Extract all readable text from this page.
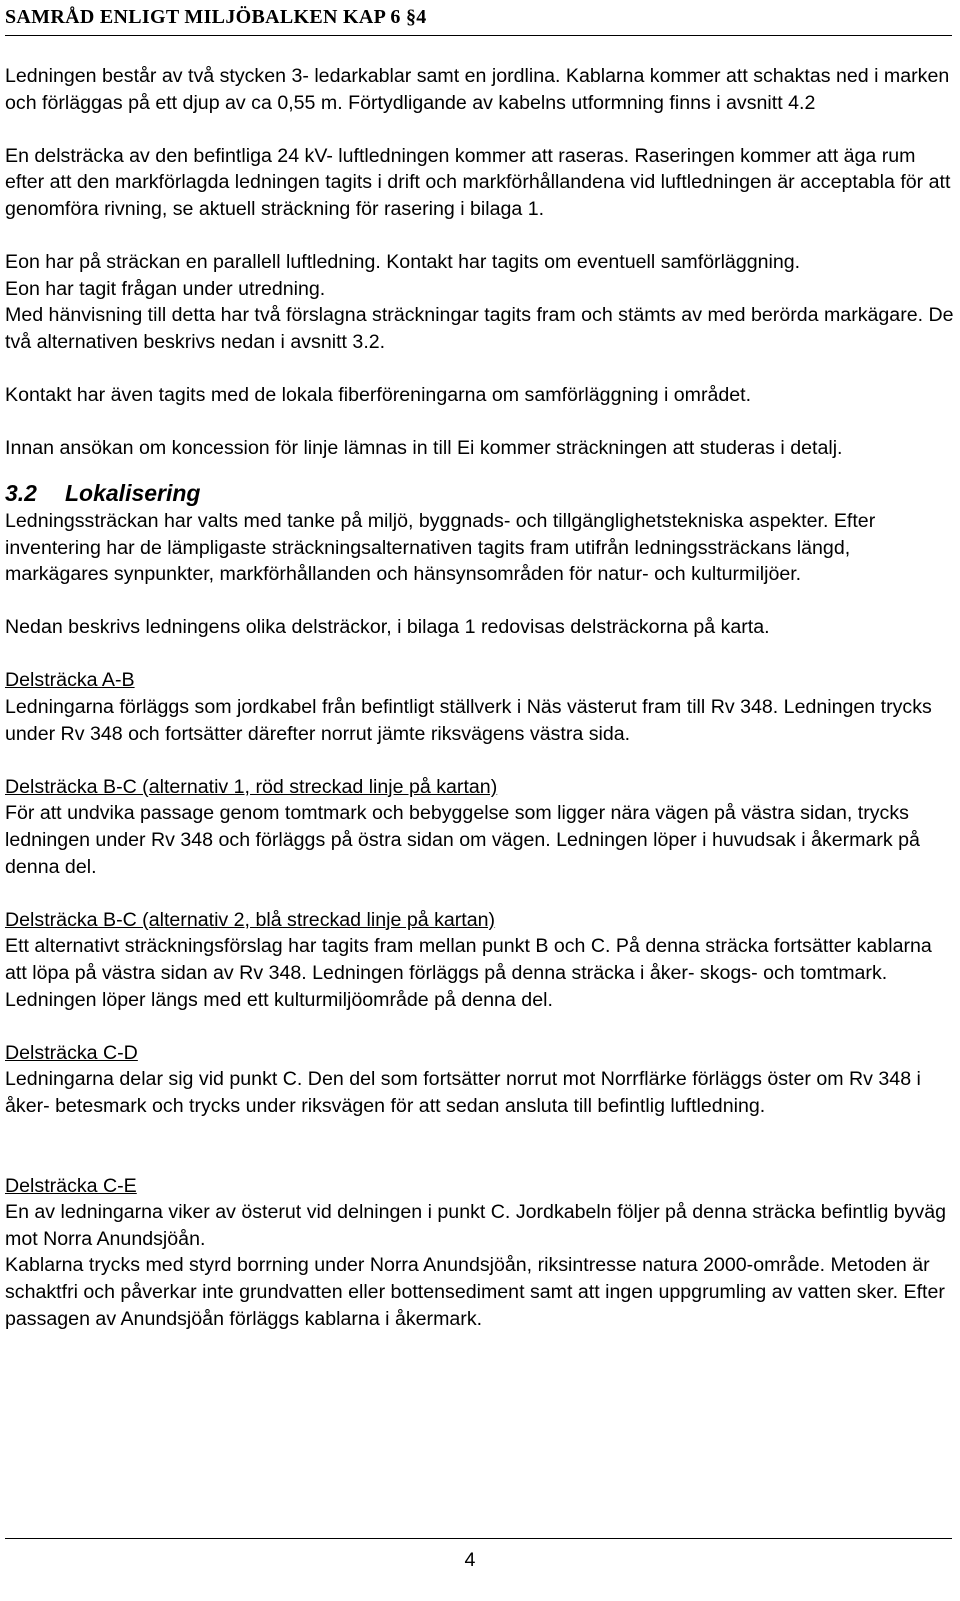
SAMRÅD ENLIGT MILJÖBALKEN KAP 6 §4

Ledningen består av två stycken 3- ledarkablar samt en jordlina. Kablarna kommer att schaktas ned i marken och förläggas på ett djup av ca 0,55 m. Förtydligande av kabelns utformning finns i avsnitt 4.2

En delsträcka av den befintliga 24 kV- luftledningen kommer att raseras. Raseringen kommer att äga rum efter att den markförlagda ledningen tagits i drift och markförhållandena vid luftledningen är acceptabla för att genomföra rivning, se aktuell sträckning för rasering i bilaga 1.

Eon har på sträckan en parallell luftledning. Kontakt har tagits om eventuell samförläggning.

Eon har tagit frågan under utredning.

Med hänvisning till detta har två förslagna sträckningar tagits fram och stämts av med berörda markägare. De två alternativen beskrivs nedan i avsnitt 3.2.

Kontakt har även tagits med de lokala fiberföreningarna om samförläggning i området.

Innan ansökan om koncession för linje lämnas in till Ei kommer sträckningen att studeras i detalj.

3.2 Lokalisering

Ledningssträckan har valts med tanke på miljö, byggnads- och tillgänglighetstekniska aspekter. Efter inventering har de lämpligaste sträckningsalternativen tagits fram utifrån ledningssträckans längd, markägares synpunkter, markförhållanden och hänsynsområden för natur- och kulturmiljöer.

Nedan beskrivs ledningens olika delsträckor, i bilaga 1 redovisas delsträckorna på karta.

Delsträcka A-B
Ledningarna förläggs som jordkabel från befintligt ställverk i Näs västerut fram till Rv 348. Ledningen trycks under Rv 348 och fortsätter därefter norrut jämte riksvägens västra sida.

Delsträcka B-C (alternativ 1, röd streckad linje på kartan)
För att undvika passage genom tomtmark och bebyggelse som ligger nära vägen på västra sidan, trycks ledningen under Rv 348 och förläggs på östra sidan om vägen. Ledningen löper i huvudsak i åkermark på denna del.

Delsträcka B-C (alternativ 2, blå streckad linje på kartan)
Ett alternativt sträckningsförslag har tagits fram mellan punkt B och C. På denna sträcka fortsätter kablarna att löpa på västra sidan av Rv 348. Ledningen förläggs på denna sträcka i åker- skogs- och tomtmark. Ledningen löper längs med ett kulturmiljöområde på denna del.

Delsträcka C-D
Ledningarna delar sig vid punkt C. Den del som fortsätter norrut mot Norrflärke förläggs öster om Rv 348 i åker- betesmark och trycks under riksvägen för att sedan ansluta till befintlig luftledning.

Delsträcka C-E
En av ledningarna viker av österut vid delningen i punkt C. Jordkabeln följer på denna sträcka befintlig byväg mot Norra Anundsjöån.

Kablarna trycks med styrd borrning under Norra Anundsjöån, riksintresse natura 2000-område. Metoden är schaktfri och påverkar inte grundvatten eller bottensediment samt att ingen uppgrumling av vatten sker. Efter passagen av Anundsjöån förläggs kablarna i åkermark.

4
